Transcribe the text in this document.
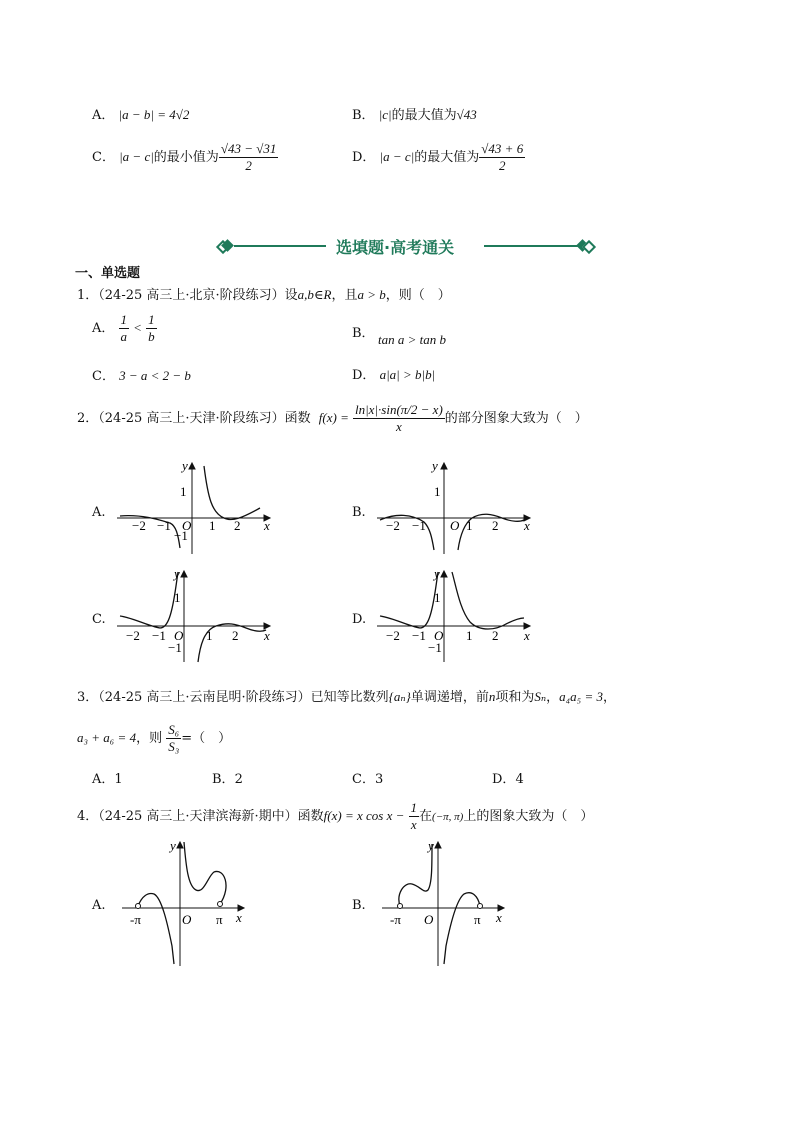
A． |a − b| = 4√2	B． |c|的最大值为√43
C． |a − c|的最小值为 $\frac{√43 - √31}{2}$	D． |a − c|的最大值为 $\frac{√43 + 6}{2}$
选填题·高考通关
一、单选题
1．（24-25 高三上·北京·阶段练习）设a,b∈R，且a > b，则（　）
A． $\frac{1}{a} < \frac{1}{b}$	B． tan a > tan b
C． 3 − a < 2 − b	D． a|a| > b|b|
2．（24-25 高三上·天津·阶段练习）函数 $f(x) = \frac{\ln|x|\cdot\sin(\pi/2 - x)}{x}$ 的部分图象大致为（　）
A.
y
x
O
−2 −1	1 2
1
−1
B.
y
x
O
−2 −1	1 2
1
C.
y
x
O
−2 −1	1 2
1
−1
D.
y
x
O
−2 −1	1 2
1
−1
3．（24-25 高三上·云南昆明·阶段练习）已知等比数列{aₙ}单调递增，前n项和为Sₙ，a₄a₅ = 3，
a₃ + a₆ = 4，则 $\frac{\text{S₆}}{\text{S₃}}$ =（　）
A．1	B．2	C．3	D．4
4．（24-25 高三上·天津滨海新·期中）函数f(x) = x $\cos x - \frac{1}{x}$ 在(−π, π)上的图象大致为（　）
A.
y
x
O
-π	π
B.
y
x
O
-π	π
